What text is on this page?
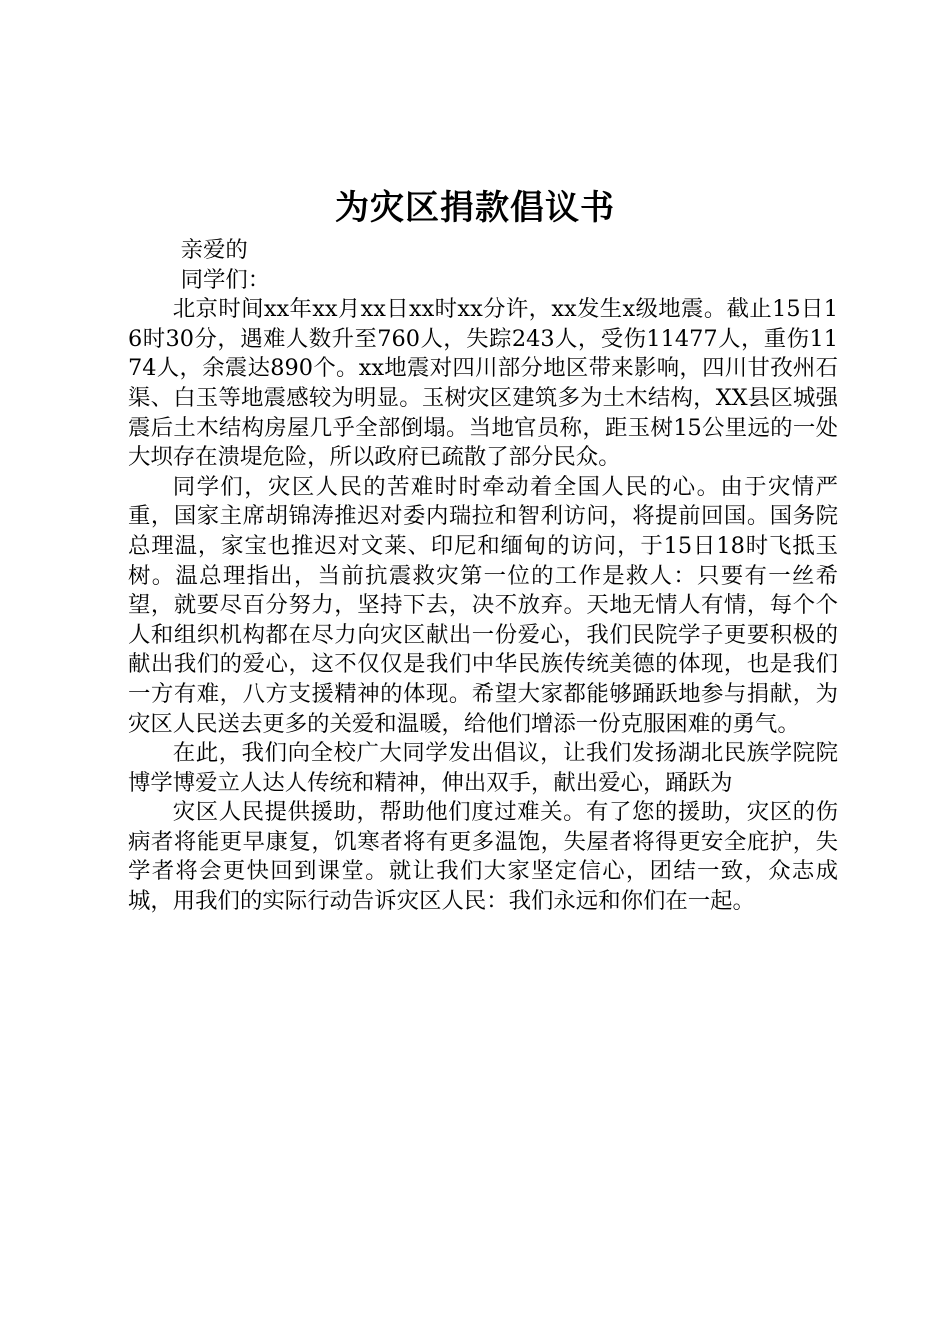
为灾区捐款倡议书

亲爱的

同学们：

北京时间xx年xx月xx日xx时xx分许，xx发生x级地震。截止15日16时30分，遇难人数升至760人，失踪243人，受伤11477人，重伤1174人，余震达890个。xx地震对四川部分地区带来影响，四川甘孜州石渠、白玉等地震感较为明显。玉树灾区建筑多为土木结构，XX县区城强震后土木结构房屋几乎全部倒塌。当地官员称，距玉树15公里远的一处大坝存在溃堤危险，所以政府已疏散了部分民众。

同学们，灾区人民的苦难时时牵动着全国人民的心。由于灾情严重，国家主席胡锦涛推迟对委内瑞拉和智利访问，将提前回国。国务院总理温，家宝也推迟对文莱、印尼和缅甸的访问，于15日18时飞抵玉树。温总理指出，当前抗震救灾第一位的工作是救人：只要有一丝希望，就要尽百分努力，坚持下去，决不放弃。天地无情人有情，每个个人和组织机构都在尽力向灾区献出一份爱心，我们民院学子更要积极的献出我们的爱心，这不仅仅是我们中华民族传统美德的体现，也是我们一方有难，八方支援精神的体现。希望大家都能够踊跃地参与捐献，为灾区人民送去更多的关爱和温暖，给他们增添一份克服困难的勇气。

在此，我们向全校广大同学发出倡议，让我们发扬湖北民族学院院博学博爱立人达人传统和精神，伸出双手，献出爱心，踊跃为

灾区人民提供援助，帮助他们度过难关。有了您的援助，灾区的伤病者将能更早康复，饥寒者将有更多温饱，失屋者将得更安全庇护，失学者将会更快回到课堂。就让我们大家坚定信心，团结一致，众志成城，用我们的实际行动告诉灾区人民：我们永远和你们在一起。
